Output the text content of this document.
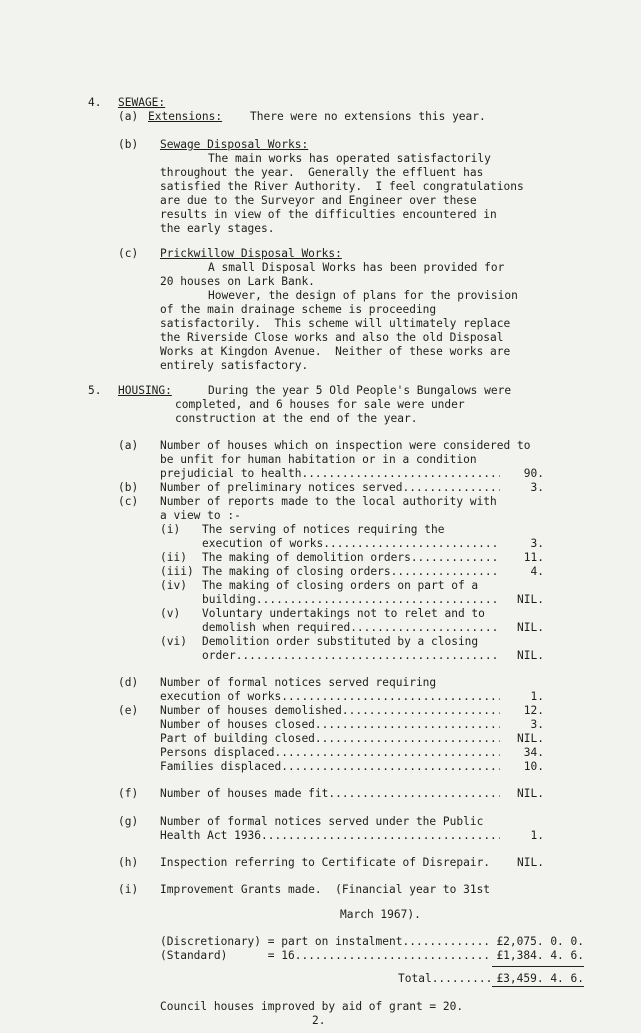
4. SEWAGE:
(a) Extensions: There were no extensions this year.
(b) Sewage Disposal Works:
The main works has operated satisfactorily
throughout the year.  Generally the effluent has
satisfied the River Authority.  I feel congratulations
are due to the Surveyor and Engineer over these
results in view of the difficulties encountered in
the early stages.
(c) Prickwillow Disposal Works:
A small Disposal Works has been provided for
20 houses on Lark Bank.
However, the design of plans for the provision
of the main drainage scheme is proceeding
satisfactorily.  This scheme will ultimately replace
the Riverside Close works and also the old Disposal
Works at Kingdon Avenue.  Neither of these works are
entirely satisfactory.
5. HOUSING:	During the year 5 Old People's Bungalows were
completed, and 6 houses for sale were under
construction at the end of the year.
(a) Number of houses which on inspection were considered to
be unfit for human habitation or in a condition
prejudicial to health .....	90.
(b) Number of preliminary notices served .....	3.
(c) Number of reports made to the local authority with
a view to :-
(i) The serving of notices requiring the
execution of works .....	3.
(ii) The making of demolition orders .....	11.
(iii) The making of closing orders .....	4.
(iv) The making of closing orders on part of a
building .....	NIL.
(v) Voluntary undertakings not to relet and to
demolish when required .....	NIL.
(vi) Demolition order substituted by a closing
order .....	NIL.
(d) Number of formal notices served requiring
execution of works .....	1.
(e) Number of houses demolished .....	12.
Number of houses closed .....	3.
Part of building closed .....	NIL.
Persons displaced .....	34.
Families displaced .....	10.
(f) Number of houses made fit .....	NIL.
(g) Number of formal notices served under the Public
Health Act 1936 .....	1.
(h) Inspection referring to Certificate of Disrepair.	NIL.
(i) Improvement Grants made.  (Financial year to 31st
March 1967).
(Discretionary) = part on instalment .....	£2,075. 0. 0.
(Standard)      = 16 .....	£1,384. 4. 6.
Total .....	£3,459. 4. 6.
Council houses improved by aid of grant = 20.
2.
